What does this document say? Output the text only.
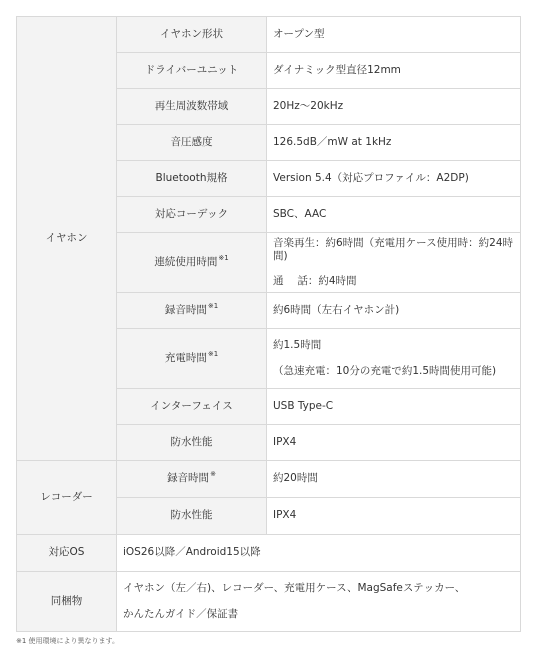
イヤホン	イヤホン形状	オープン型
	ドライバーユニット	ダイナミック型直径12mm
	再生周波数帯域	20Hz〜20kHz
	音圧感度	126.5dB／mW at 1kHz
	Bluetooth規格	Version 5.4（対応プロファイル：A2DP)
	対応コーデック	SBC、AAC
	連続使用時間$^{※1}$	音楽再生：約6時間（充電用ケース使用時：約24時間)
通　 話：約4時間

	録音時間$^{※1}$	約6時間（左右イヤホン計)
	充電時間$^{※1}$	約1.5時間
（急速充電：10分の充電で約1.5時間使用可能)

	インターフェイス	USB Type-C
	防水性能	IPX4
レコーダー	録音時間※	約20時間
	防水性能	IPX4
対応OS	iOS26以降／Android15以降	
同梱物	イヤホン（左／右)、レコーダー、充電用ケース、MagSafeステッカー、
かんたんガイド／保証書	
※1 使用環境により異なります。
